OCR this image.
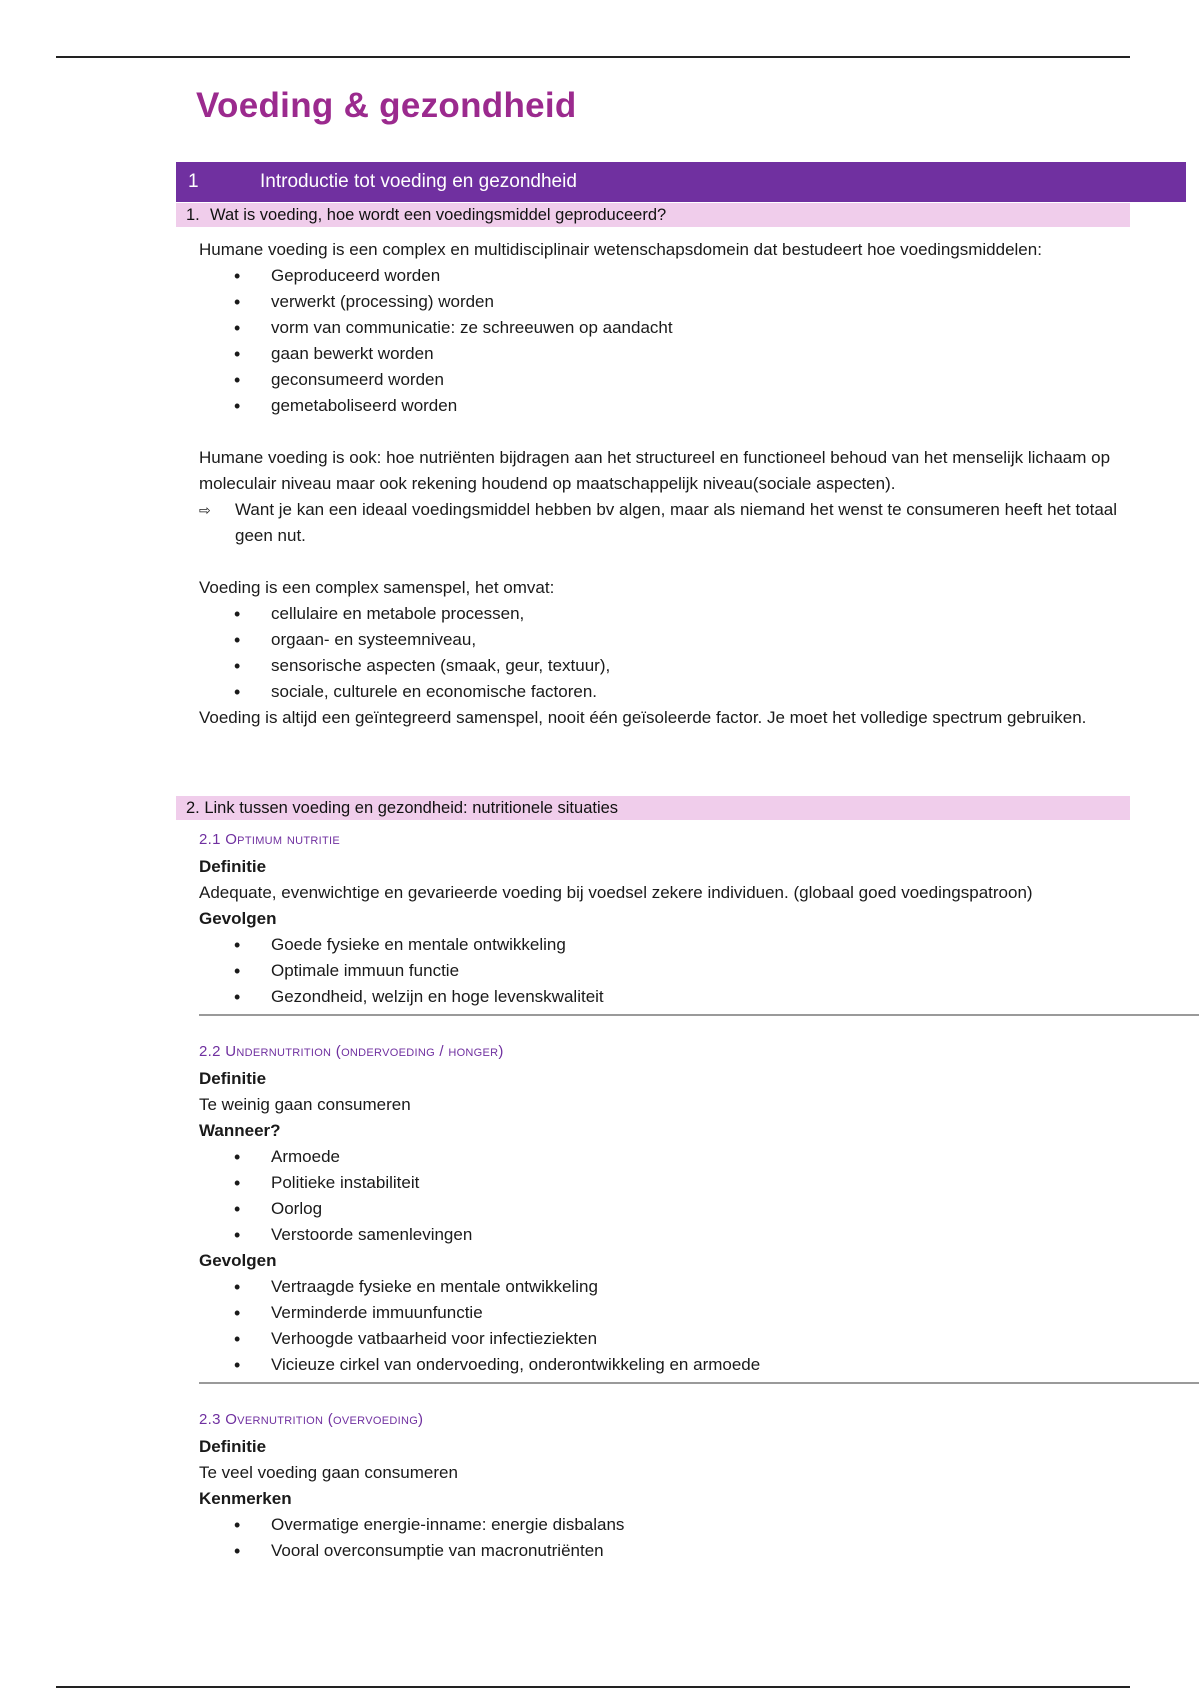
Voeding & gezondheid
1	Introductie tot voeding en gezondheid
1. Wat is voeding, hoe wordt een voedingsmiddel geproduceerd?

Humane voeding is een complex en multidisciplinair wetenschapsdomein dat bestudeert hoe voedingsmiddelen:

• Geproduceerd worden
• verwerkt (processing) worden
• vorm van communicatie: ze schreeuwen op aandacht
• gaan bewerkt worden
• geconsumeerd worden
• gemetaboliseerd worden

Humane voeding is ook: hoe nutriënten bijdragen aan het structureel en functioneel behoud van het menselijk lichaam op moleculair niveau maar ook rekening houdend op maatschappelijk niveau(sociale aspecten).

⇨ Want je kan een ideaal voedingsmiddel hebben bv algen, maar als niemand het wenst te consumeren heeft het totaal geen nut.

Voeding is een complex samenspel, het omvat:

• cellulaire en metabole processen,
• orgaan- en systeemniveau,
• sensorische aspecten (smaak, geur, textuur),
• sociale, culturele en economische factoren.

Voeding is altijd een geïntegreerd samenspel, nooit één geïsoleerde factor. Je moet het volledige spectrum gebruiken.

2. Link tussen voeding en gezondheid: nutritionele situaties
2.1 Optimum nutritie
Definitie

Adequate, evenwichtige en gevarieerde voeding bij voedsel zekere individuen. (globaal goed voedingspatroon)

Gevolgen
• Goede fysieke en mentale ontwikkeling
• Optimale immuun functie
• Gezondheid, welzijn en hoge levenskwaliteit
2.2 Undernutrition (ondervoeding / honger)
Definitie

Te weinig gaan consumeren

Wanneer?
• Armoede
• Politieke instabiliteit
• Oorlog
• Verstoorde samenlevingen
Gevolgen
• Vertraagde fysieke en mentale ontwikkeling
• Verminderde immuunfunctie
• Verhoogde vatbaarheid voor infectieziekten
• Vicieuze cirkel van ondervoeding, onderontwikkeling en armoede
2.3 Overnutrition (overvoeding)
Definitie

Te veel voeding gaan consumeren

Kenmerken
• Overmatige energie-inname: energie disbalans
• Vooral overconsumptie van macronutriënten
